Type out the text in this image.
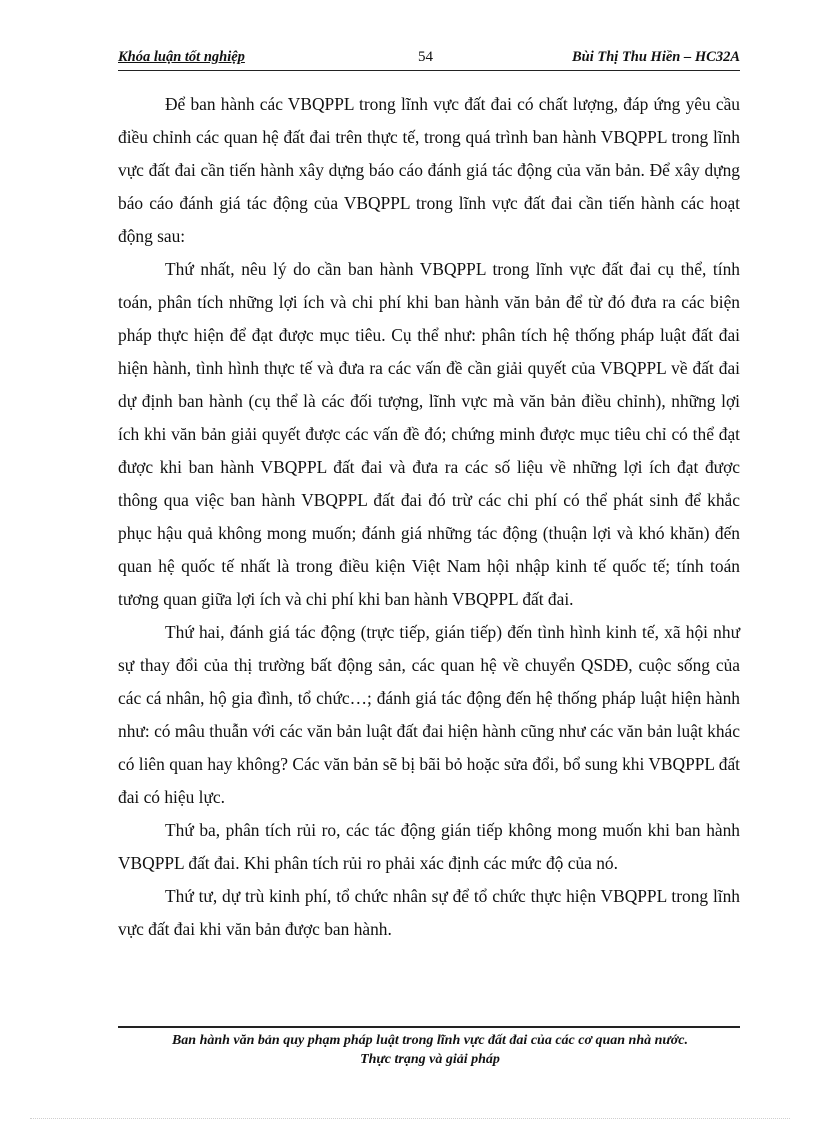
Khóa luận tốt nghiệp	54	Bùi Thị Thu Hiền – HC32A

Để ban hành các VBQPPL trong lĩnh vực đất đai có chất lượng, đáp ứng yêu cầu điều chỉnh các quan hệ đất đai trên thực tế, trong quá trình ban hành VBQPPL trong lĩnh vực đất đai cần tiến hành xây dựng báo cáo đánh giá tác động của văn bản. Để xây dựng báo cáo đánh giá tác động của VBQPPL trong lĩnh vực đất đai cần tiến hành các hoạt động sau:

Thứ nhất, nêu lý do cần ban hành VBQPPL trong lĩnh vực đất đai cụ thể, tính toán, phân tích những lợi ích và chi phí khi ban hành văn bản để từ đó đưa ra các biện pháp thực hiện để đạt được mục tiêu. Cụ thể như: phân tích hệ thống pháp luật đất đai hiện hành, tình hình thực tế và đưa ra các vấn đề cần giải quyết của VBQPPL về đất đai dự định ban hành (cụ thể là các đối tượng, lĩnh vực mà văn bản điều chỉnh), những lợi ích khi văn bản giải quyết được các vấn đề đó; chứng minh được mục tiêu chỉ có thể đạt được khi ban hành VBQPPL đất đai và đưa ra các số liệu về những lợi ích đạt được thông qua việc ban hành VBQPPL đất đai đó trừ các chi phí có thể phát sinh để khắc phục hậu quả không mong muốn; đánh giá những tác động (thuận lợi và khó khăn) đến quan hệ quốc tế nhất là trong điều kiện Việt Nam hội nhập kinh tế quốc tế; tính toán tương quan giữa lợi ích và chi phí khi ban hành VBQPPL đất đai.

Thứ hai, đánh giá tác động (trực tiếp, gián tiếp) đến tình hình kinh tế, xã hội như sự thay đổi của thị trường bất động sản, các quan hệ về chuyển QSDĐ, cuộc sống của các cá nhân, hộ gia đình, tổ chức…; đánh giá tác động đến hệ thống pháp luật hiện hành như: có mâu thuẫn với các văn bản luật đất đai hiện hành cũng như các văn bản luật khác có liên quan hay không? Các văn bản sẽ bị bãi bỏ hoặc sửa đổi, bổ sung khi VBQPPL đất đai có hiệu lực.

Thứ ba, phân tích rủi ro, các tác động gián tiếp không mong muốn khi ban hành VBQPPL đất đai. Khi phân tích rủi ro phải xác định các mức độ của nó.

Thứ tư, dự trù kinh phí, tổ chức nhân sự để tổ chức thực hiện VBQPPL trong lĩnh vực đất đai khi văn bản được ban hành.

Ban hành văn bản quy phạm pháp luật trong lĩnh vực đất đai của các cơ quan nhà nước.
Thực trạng và giải pháp
